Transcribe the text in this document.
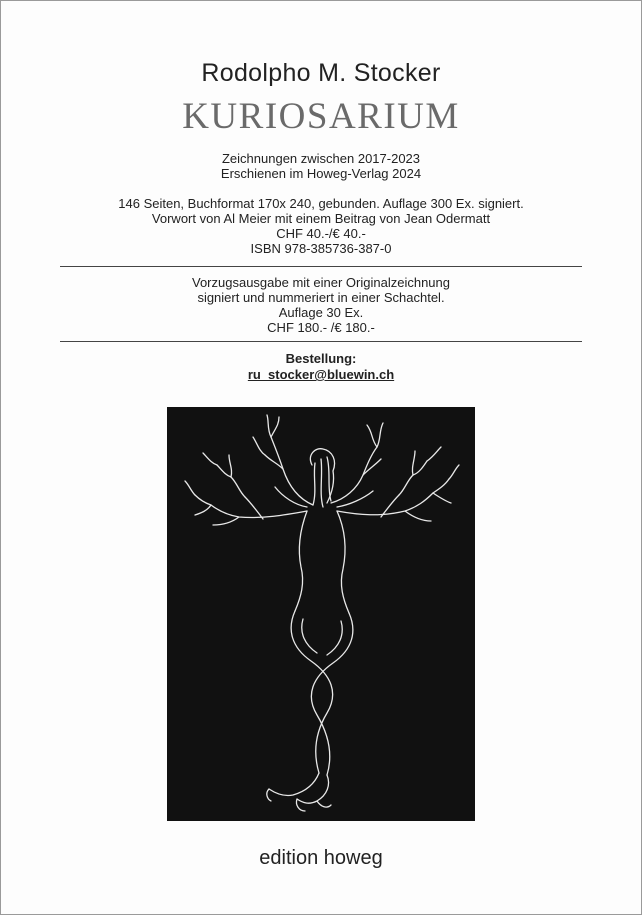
Rodolpho M. Stocker
KURIOSARIUM
Zeichnungen zwischen 2017-2023
Erschienen im Howeg-Verlag 2024
146 Seiten, Buchformat 170x 240, gebunden. Auflage 300 Ex. signiert.
Vorwort von Al Meier mit einem Beitrag von Jean Odermatt
CHF 40.-/€ 40.-
ISBN 978-385736-387-0
Vorzugsausgabe mit einer Originalzeichnung
signiert und nummeriert in einer Schachtel.
Auflage 30 Ex.
CHF 180.- /€ 180.-
Bestellung:
ru_stocker@bluewin.ch
edition howeg
